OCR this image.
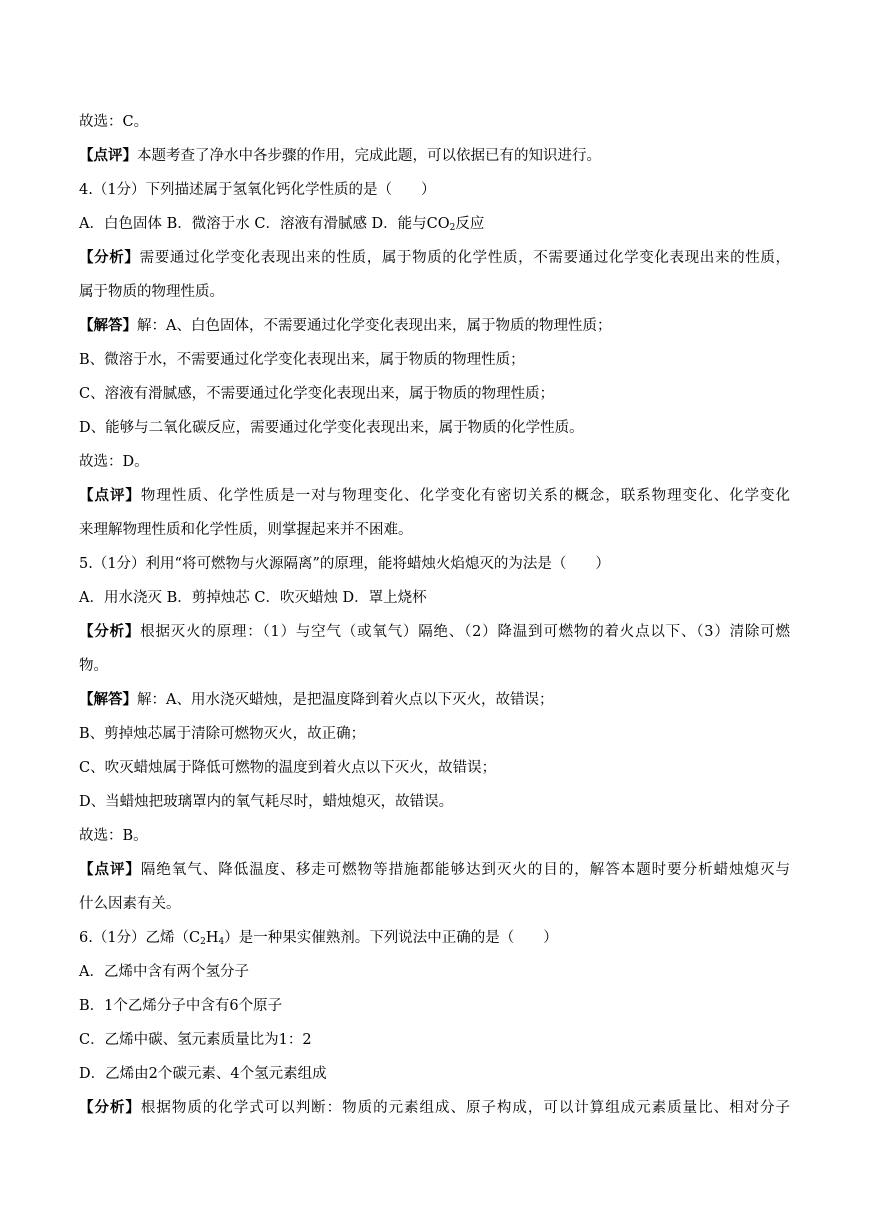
故选：C。
【点评】本题考查了净水中各步骤的作用，完成此题，可以依据已有的知识进行。
4.（1分）下列描述属于氢氧化钙化学性质的是（　　）
A．白色固体 B．微溶于水 C．溶液有滑腻感 D．能与$CO_2$反应
【分析】需要通过化学变化表现出来的性质，属于物质的化学性质，不需要通过化学变化表现出来的性质，
属于物质的物理性质。
【解答】解：A、白色固体，不需要通过化学变化表现出来，属于物质的物理性质；
B、微溶于水，不需要通过化学变化表现出来，属于物质的物理性质；
C、溶液有滑腻感，不需要通过化学变化表现出来，属于物质的物理性质；
D、能够与二氧化碳反应，需要通过化学变化表现出来，属于物质的化学性质。
故选：D。
【点评】物理性质、化学性质是一对与物理变化、化学变化有密切关系的概念，联系物理变化、化学变化
来理解物理性质和化学性质，则掌握起来并不困难。
5.（1分）利用“将可燃物与火源隔离”的原理，能将蜡烛火焰熄灭的为法是（　　）
A．用水浇灭 B．剪掉烛芯 C．吹灭蜡烛 D．罩上烧杯
【分析】根据灭火的原理：（1）与空气（或氧气）隔绝、（2）降温到可燃物的着火点以下、（3）清除可燃
物。
【解答】解：A、用水浇灭蜡烛，是把温度降到着火点以下灭火，故错误；
B、剪掉烛芯属于清除可燃物灭火，故正确；
C、吹灭蜡烛属于降低可燃物的温度到着火点以下灭火，故错误；
D、当蜡烛把玻璃罩内的氧气耗尽时，蜡烛熄灭，故错误。
故选：B。
【点评】隔绝氧气、降低温度、移走可燃物等措施都能够达到灭火的目的，解答本题时要分析蜡烛熄灭与
什么因素有关。
6.（1分）乙烯$(C_2H_4)$是一种果实催熟剂。下列说法中正确的是（　　）
A．乙烯中含有两个氢分子
B．1个乙烯分子中含有6个原子
C．乙烯中碳、氢元素质量比为1：2
D．乙烯由2个碳元素、4个氢元素组成
【分析】根据物质的化学式可以判断：物质的元素组成、原子构成，可以计算组成元素质量比、相对分子
